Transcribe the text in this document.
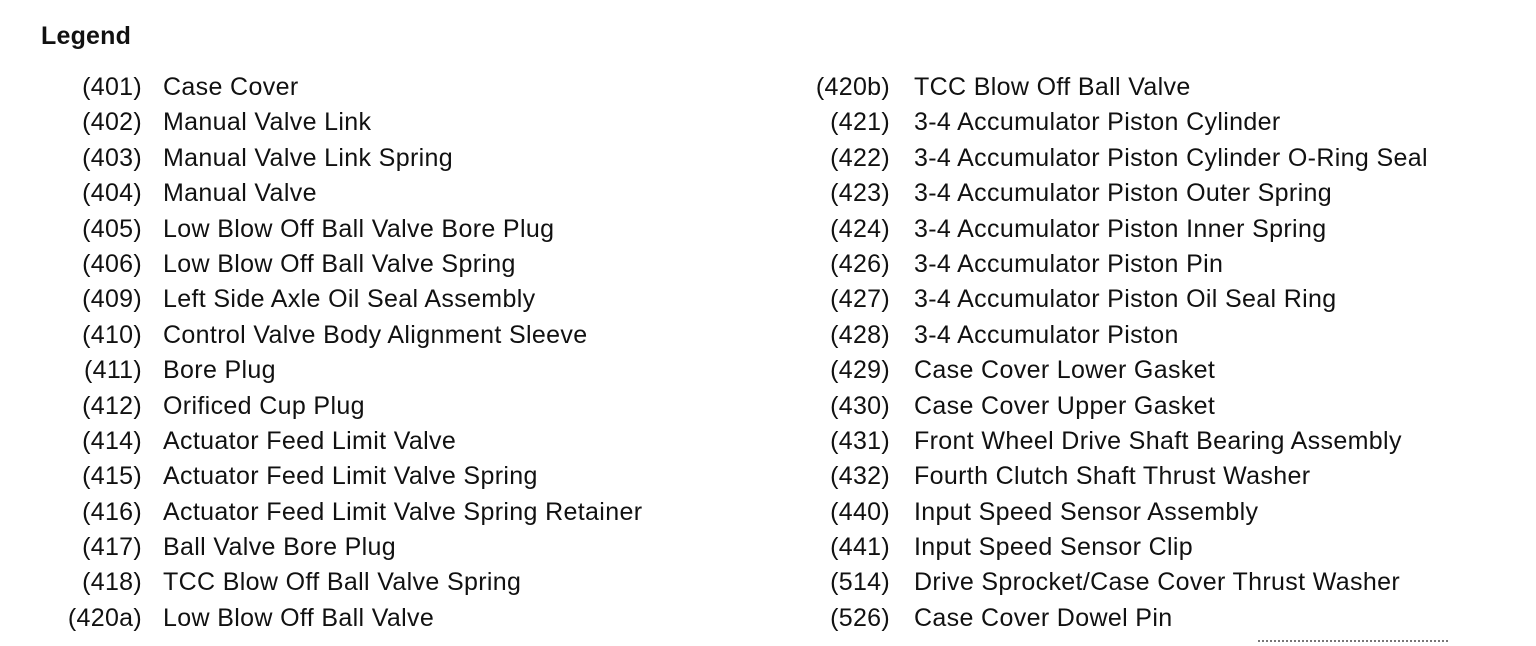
Legend
(401) Case Cover
(402) Manual Valve Link
(403) Manual Valve Link Spring
(404) Manual Valve
(405) Low Blow Off Ball Valve Bore Plug
(406) Low Blow Off Ball Valve Spring
(409) Left Side Axle Oil Seal Assembly
(410) Control Valve Body Alignment Sleeve
(411) Bore Plug
(412) Orificed Cup Plug
(414) Actuator Feed Limit Valve
(415) Actuator Feed Limit Valve Spring
(416) Actuator Feed Limit Valve Spring Retainer
(417) Ball Valve Bore Plug
(418) TCC Blow Off Ball Valve Spring
(420a) Low Blow Off Ball Valve
(420b) TCC Blow Off Ball Valve
(421) 3-4 Accumulator Piston Cylinder
(422) 3-4 Accumulator Piston Cylinder O-Ring Seal
(423) 3-4 Accumulator Piston Outer Spring
(424) 3-4 Accumulator Piston Inner Spring
(426) 3-4 Accumulator Piston Pin
(427) 3-4 Accumulator Piston Oil Seal Ring
(428) 3-4 Accumulator Piston
(429) Case Cover Lower Gasket
(430) Case Cover Upper Gasket
(431) Front Wheel Drive Shaft Bearing Assembly
(432) Fourth Clutch Shaft Thrust Washer
(440) Input Speed Sensor Assembly
(441) Input Speed Sensor Clip
(514) Drive Sprocket/Case Cover Thrust Washer
(526) Case Cover Dowel Pin
